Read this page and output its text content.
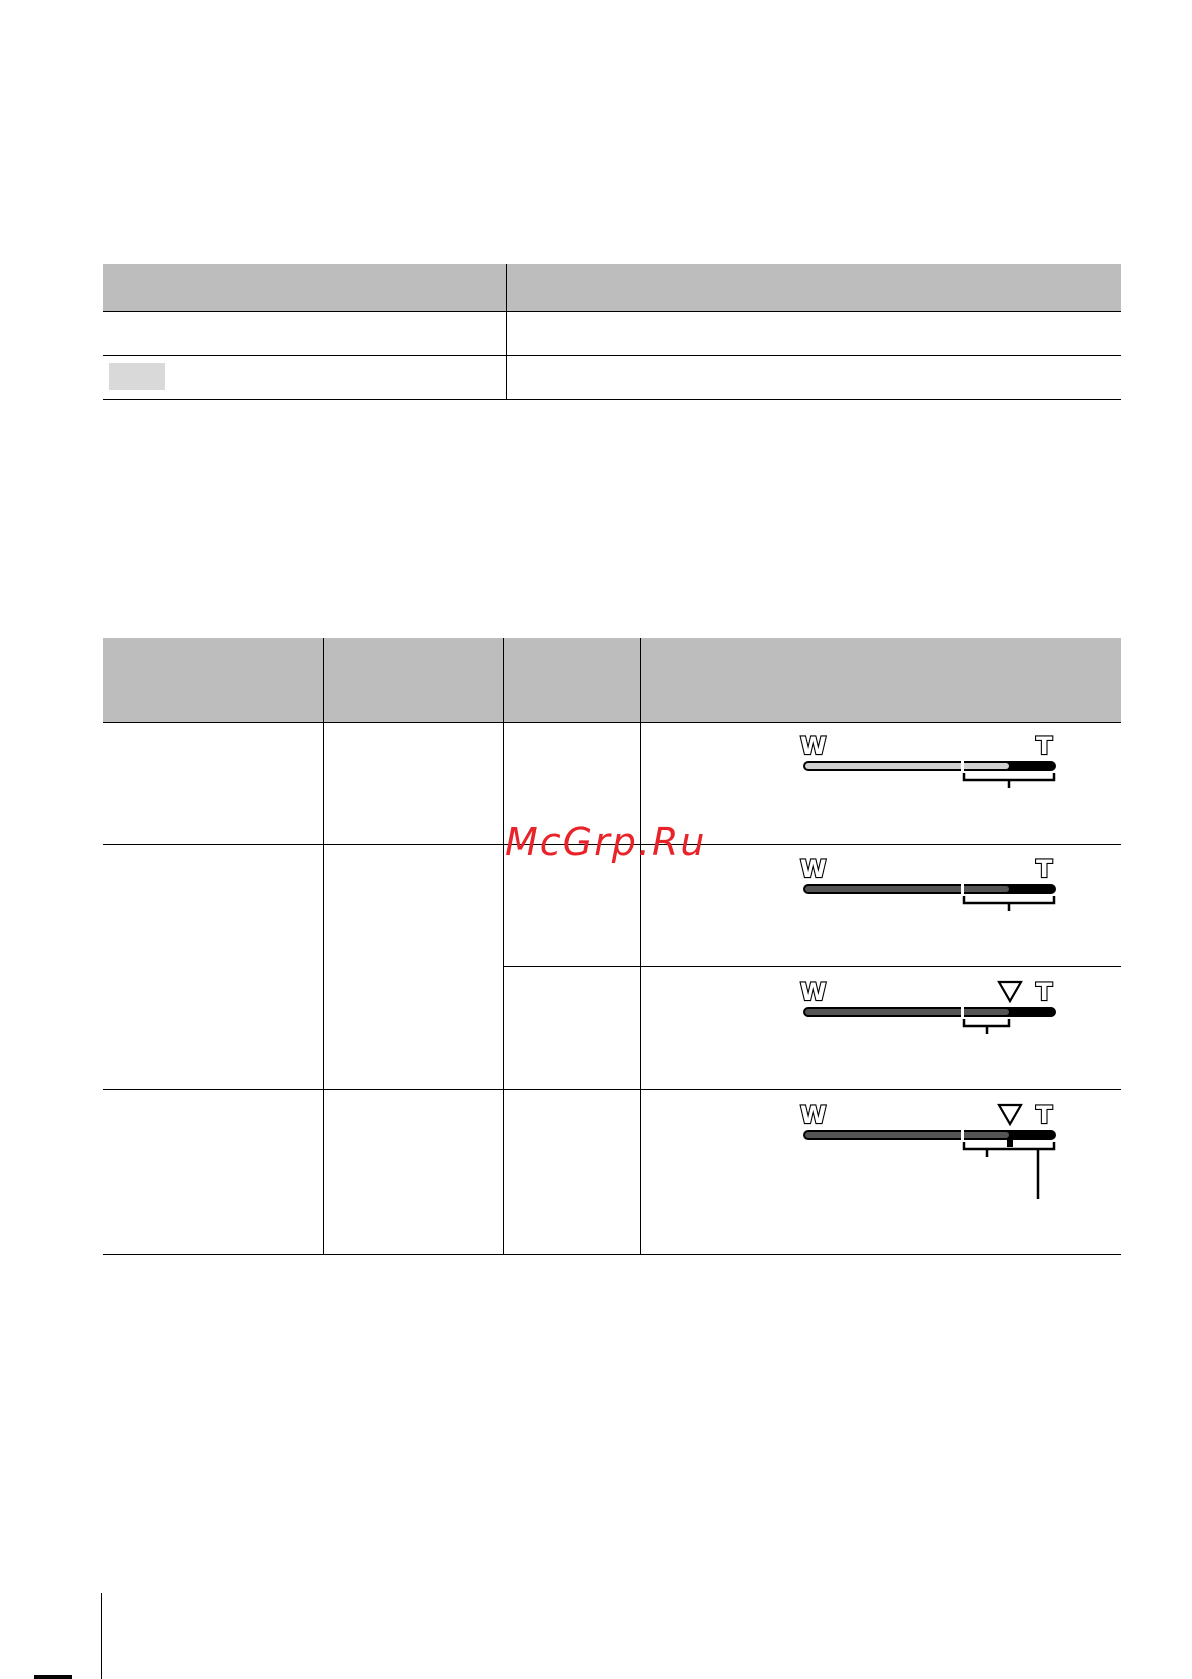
W	T
W	T
W	T
W	T
McGrp.Ru
